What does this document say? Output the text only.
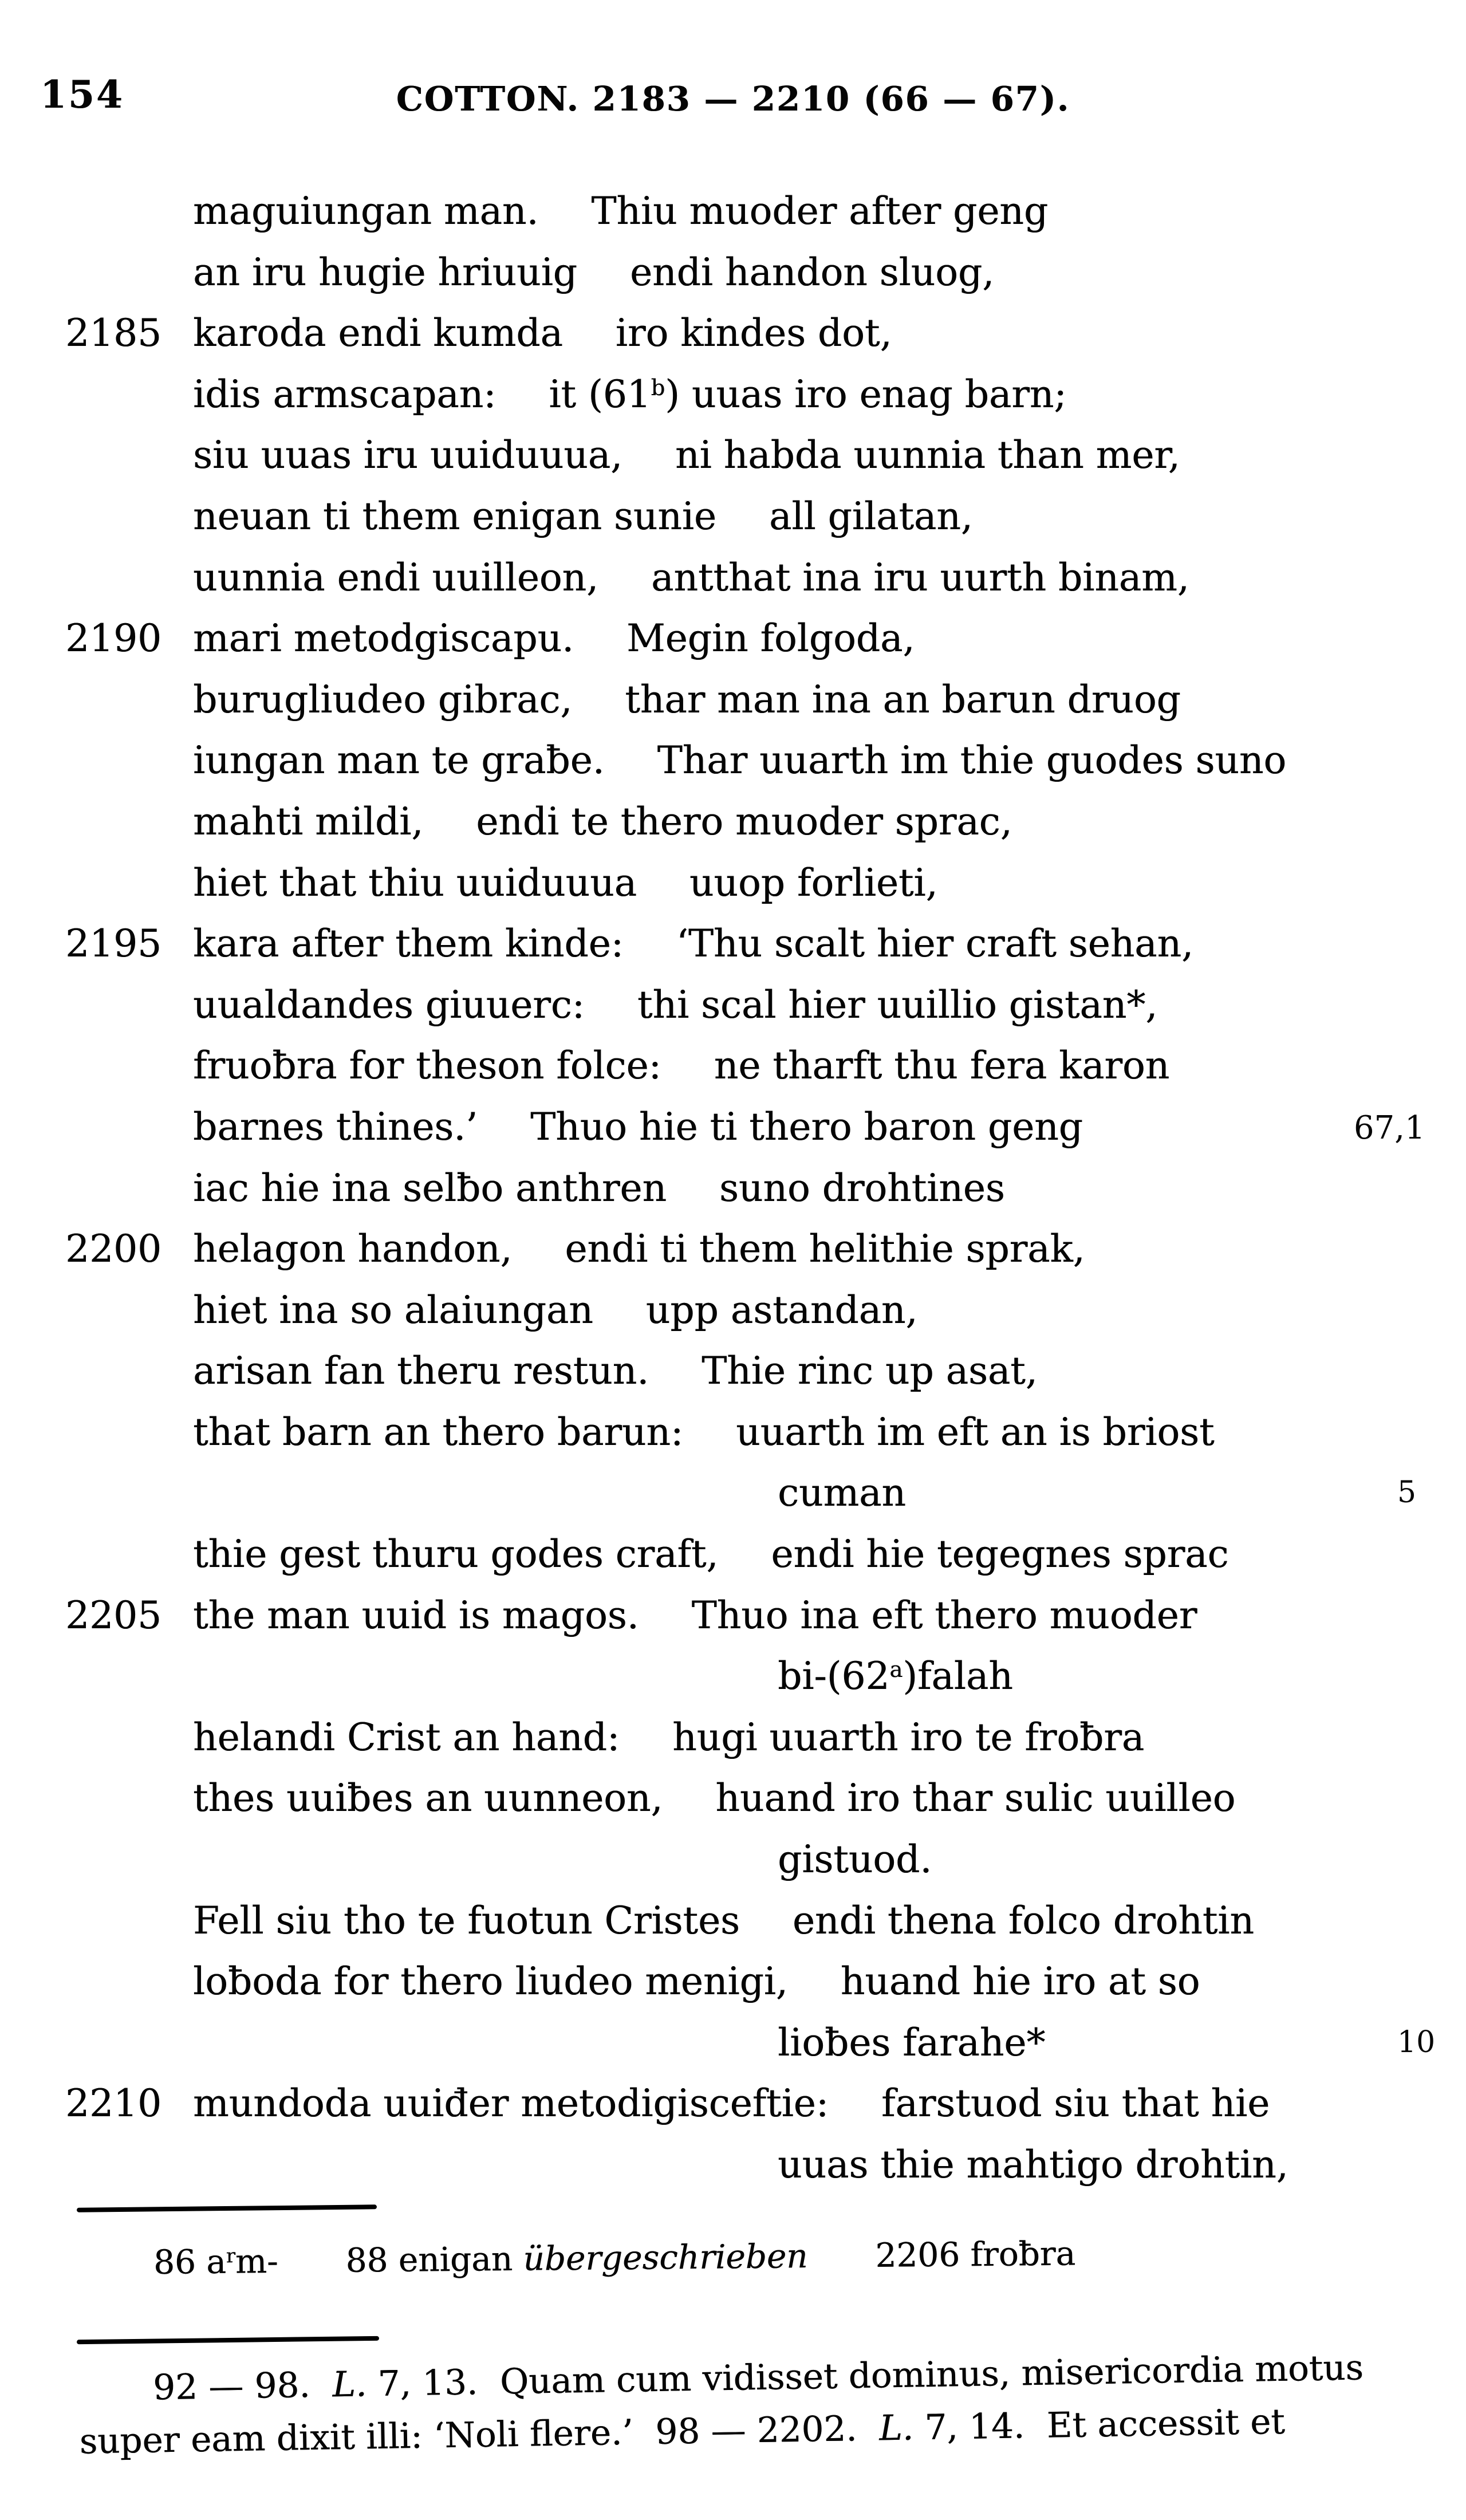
154	COTTON. 2183 — 2210 (66 — 67).
maguiungan man. Thiu muoder after geng
an iru hugie hriuuig endi handon sluog,
2185 karoda endi kumda iro kindes dot,
idis armscapan: it (61$^b$) uuas iro enag barn;
siu uuas iru uuiduuua, ni habda uunnia than mer,
neuan ti them enigan sunie all gilatan,
uunnia endi uuilleon, antthat ina iru uurth binam,
2190 mari metodgiscapu. Megin folgoda,
burugliudeo gibrac, thar man ina an barun druog
iungan man te graƀe. Thar uuarth im thie guodes suno
mahti mildi, endi te thero muoder sprac,
hiet that thiu uuiduuua uuop forlieti,
2195 kara after them kinde: ‘Thu scalt hier craft sehan,
uualdandes giuuerc: thi scal hier uuillio gistan*,
fruoƀra for theson folce: ne tharft thu fera karon
barnes thines.’ Thuo hie ti thero baron geng	67,1
iac hie ina selƀo anthren suno drohtines
2200 helagon handon, endi ti them helithie sprak,
hiet ina so alaiungan upp astandan,
arisan fan theru restun. Thie rinc up asat,
that barn an thero barun: uuarth im eft an is briost
cuman	5
thie gest thuru godes craft, endi hie tegegnes sprac
2205 the man uuid is magos. Thuo ina eft thero muoder
bi-(62$^a$)falah
helandi Crist an hand: hugi uuarth iro te froƀra
thes uuiƀes an uunneon, huand iro thar sulic uuilleo
gistuod.
Fell siu tho te fuotun Cristes endi thena folco drohtin
loƀoda for thero liudeo menigi, huand hie iro at so
lioƀes farahe*	10
2210 mundoda uuiđer metodigisceftie: farstuod siu that hie
uuas thie mahtigo drohtin,
86 $a^rm-$ 88 enigan übergeschrieben 2206 froƀra
92 — 98.  L. 7, 13.  Quam cum vidisset dominus, misericordia motus
super eam dixit illi: ‘Noli flere.’  98 — 2202.  L. 7, 14.  Et accessit et
